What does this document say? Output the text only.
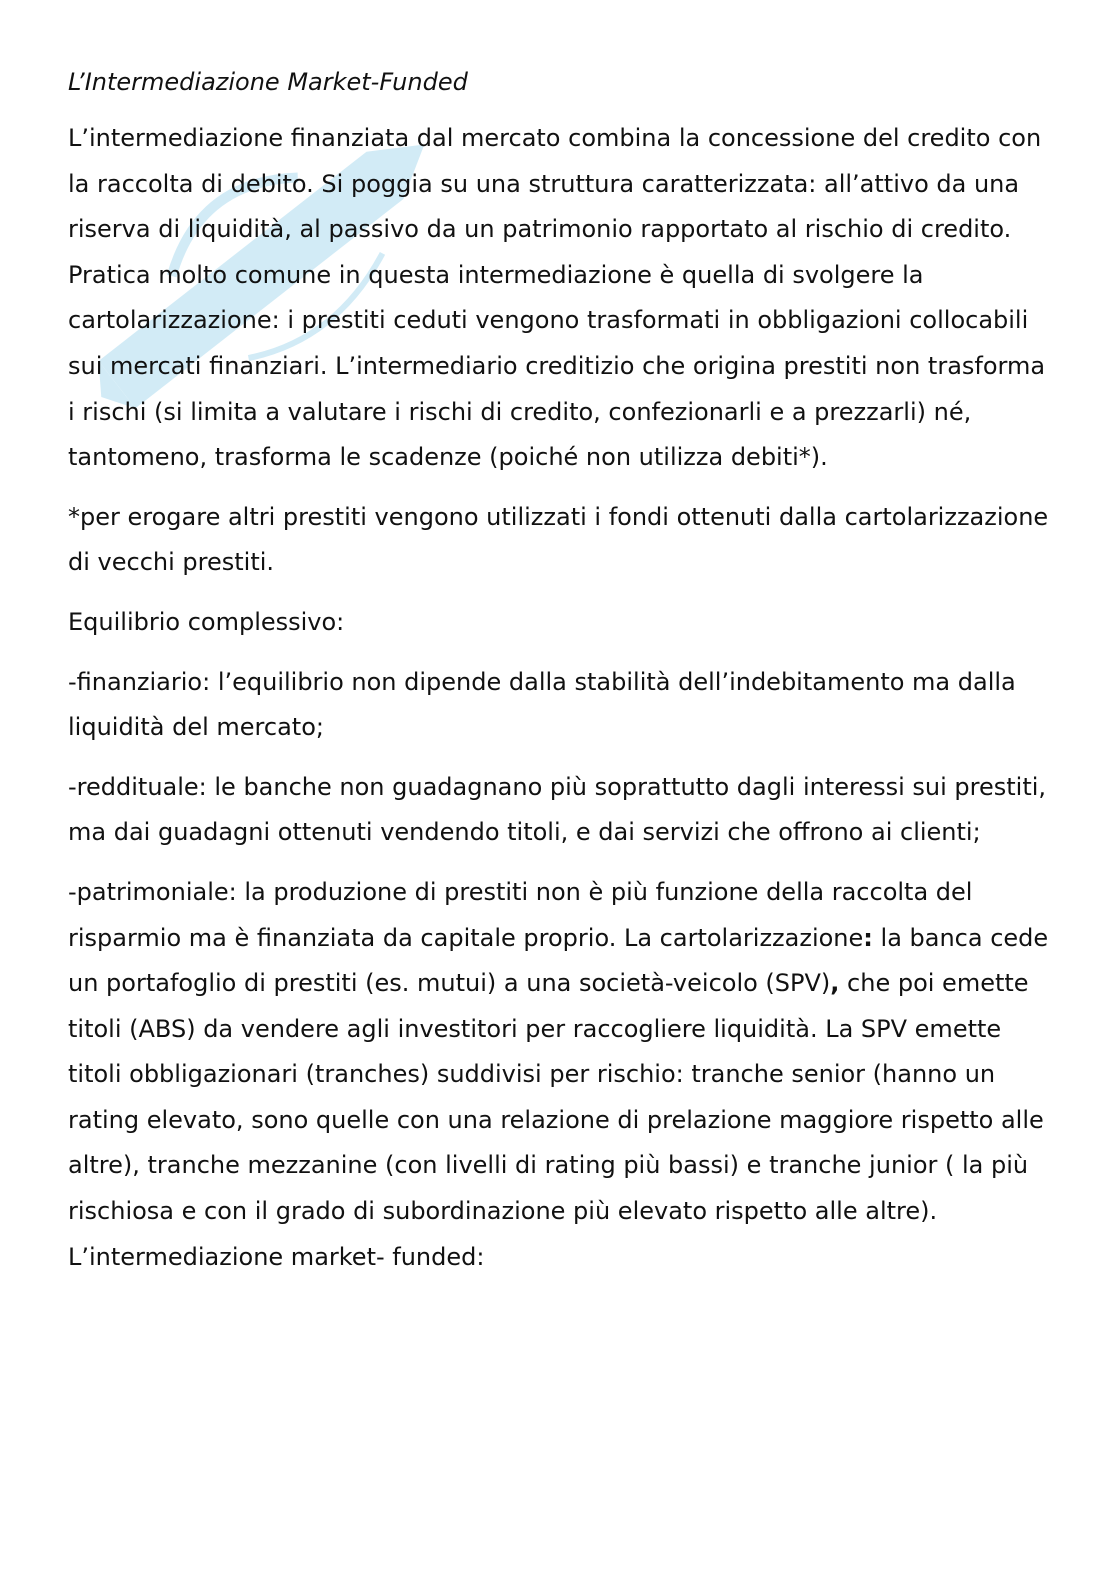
L’Intermediazione Market-Funded

L’intermediazione finanziata dal mercato combina la concessione del credito con la raccolta di debito. Si poggia su una struttura caratterizzata: all’attivo da una riserva di liquidità, al passivo da un patrimonio rapportato al rischio di credito. Pratica molto comune in questa intermediazione è quella di svolgere la cartolarizzazione: i prestiti ceduti vengono trasformati in obbligazioni collocabili sui mercati finanziari. L’intermediario creditizio che origina prestiti non trasforma i rischi (si limita a valutare i rischi di credito, confezionarli e a prezzarli) né, tantomeno, trasforma le scadenze (poiché non utilizza debiti*).

*per erogare altri prestiti vengono utilizzati i fondi ottenuti dalla cartolarizzazione di vecchi prestiti.

Equilibrio complessivo:

-finanziario: l’equilibrio non dipende dalla stabilità dell’indebitamento ma dalla liquidità del mercato;

-reddituale: le banche non guadagnano più soprattutto dagli interessi sui prestiti, ma dai guadagni ottenuti vendendo titoli, e dai servizi che offrono ai clienti;

-patrimoniale: la produzione di prestiti non è più funzione della raccolta del risparmio ma è finanziata da capitale proprio. La cartolarizzazione: la banca cede un portafoglio di prestiti (es. mutui) a una società-veicolo (SPV), che poi emette titoli (ABS) da vendere agli investitori per raccogliere liquidità. La SPV emette titoli obbligazionari (tranches) suddivisi per rischio: tranche senior (hanno un rating elevato, sono quelle con una relazione di prelazione maggiore rispetto alle altre), tranche mezzanine (con livelli di rating più bassi) e tranche junior ( la più rischiosa e con il grado di subordinazione più elevato rispetto alle altre).

L’intermediazione market- funded:
